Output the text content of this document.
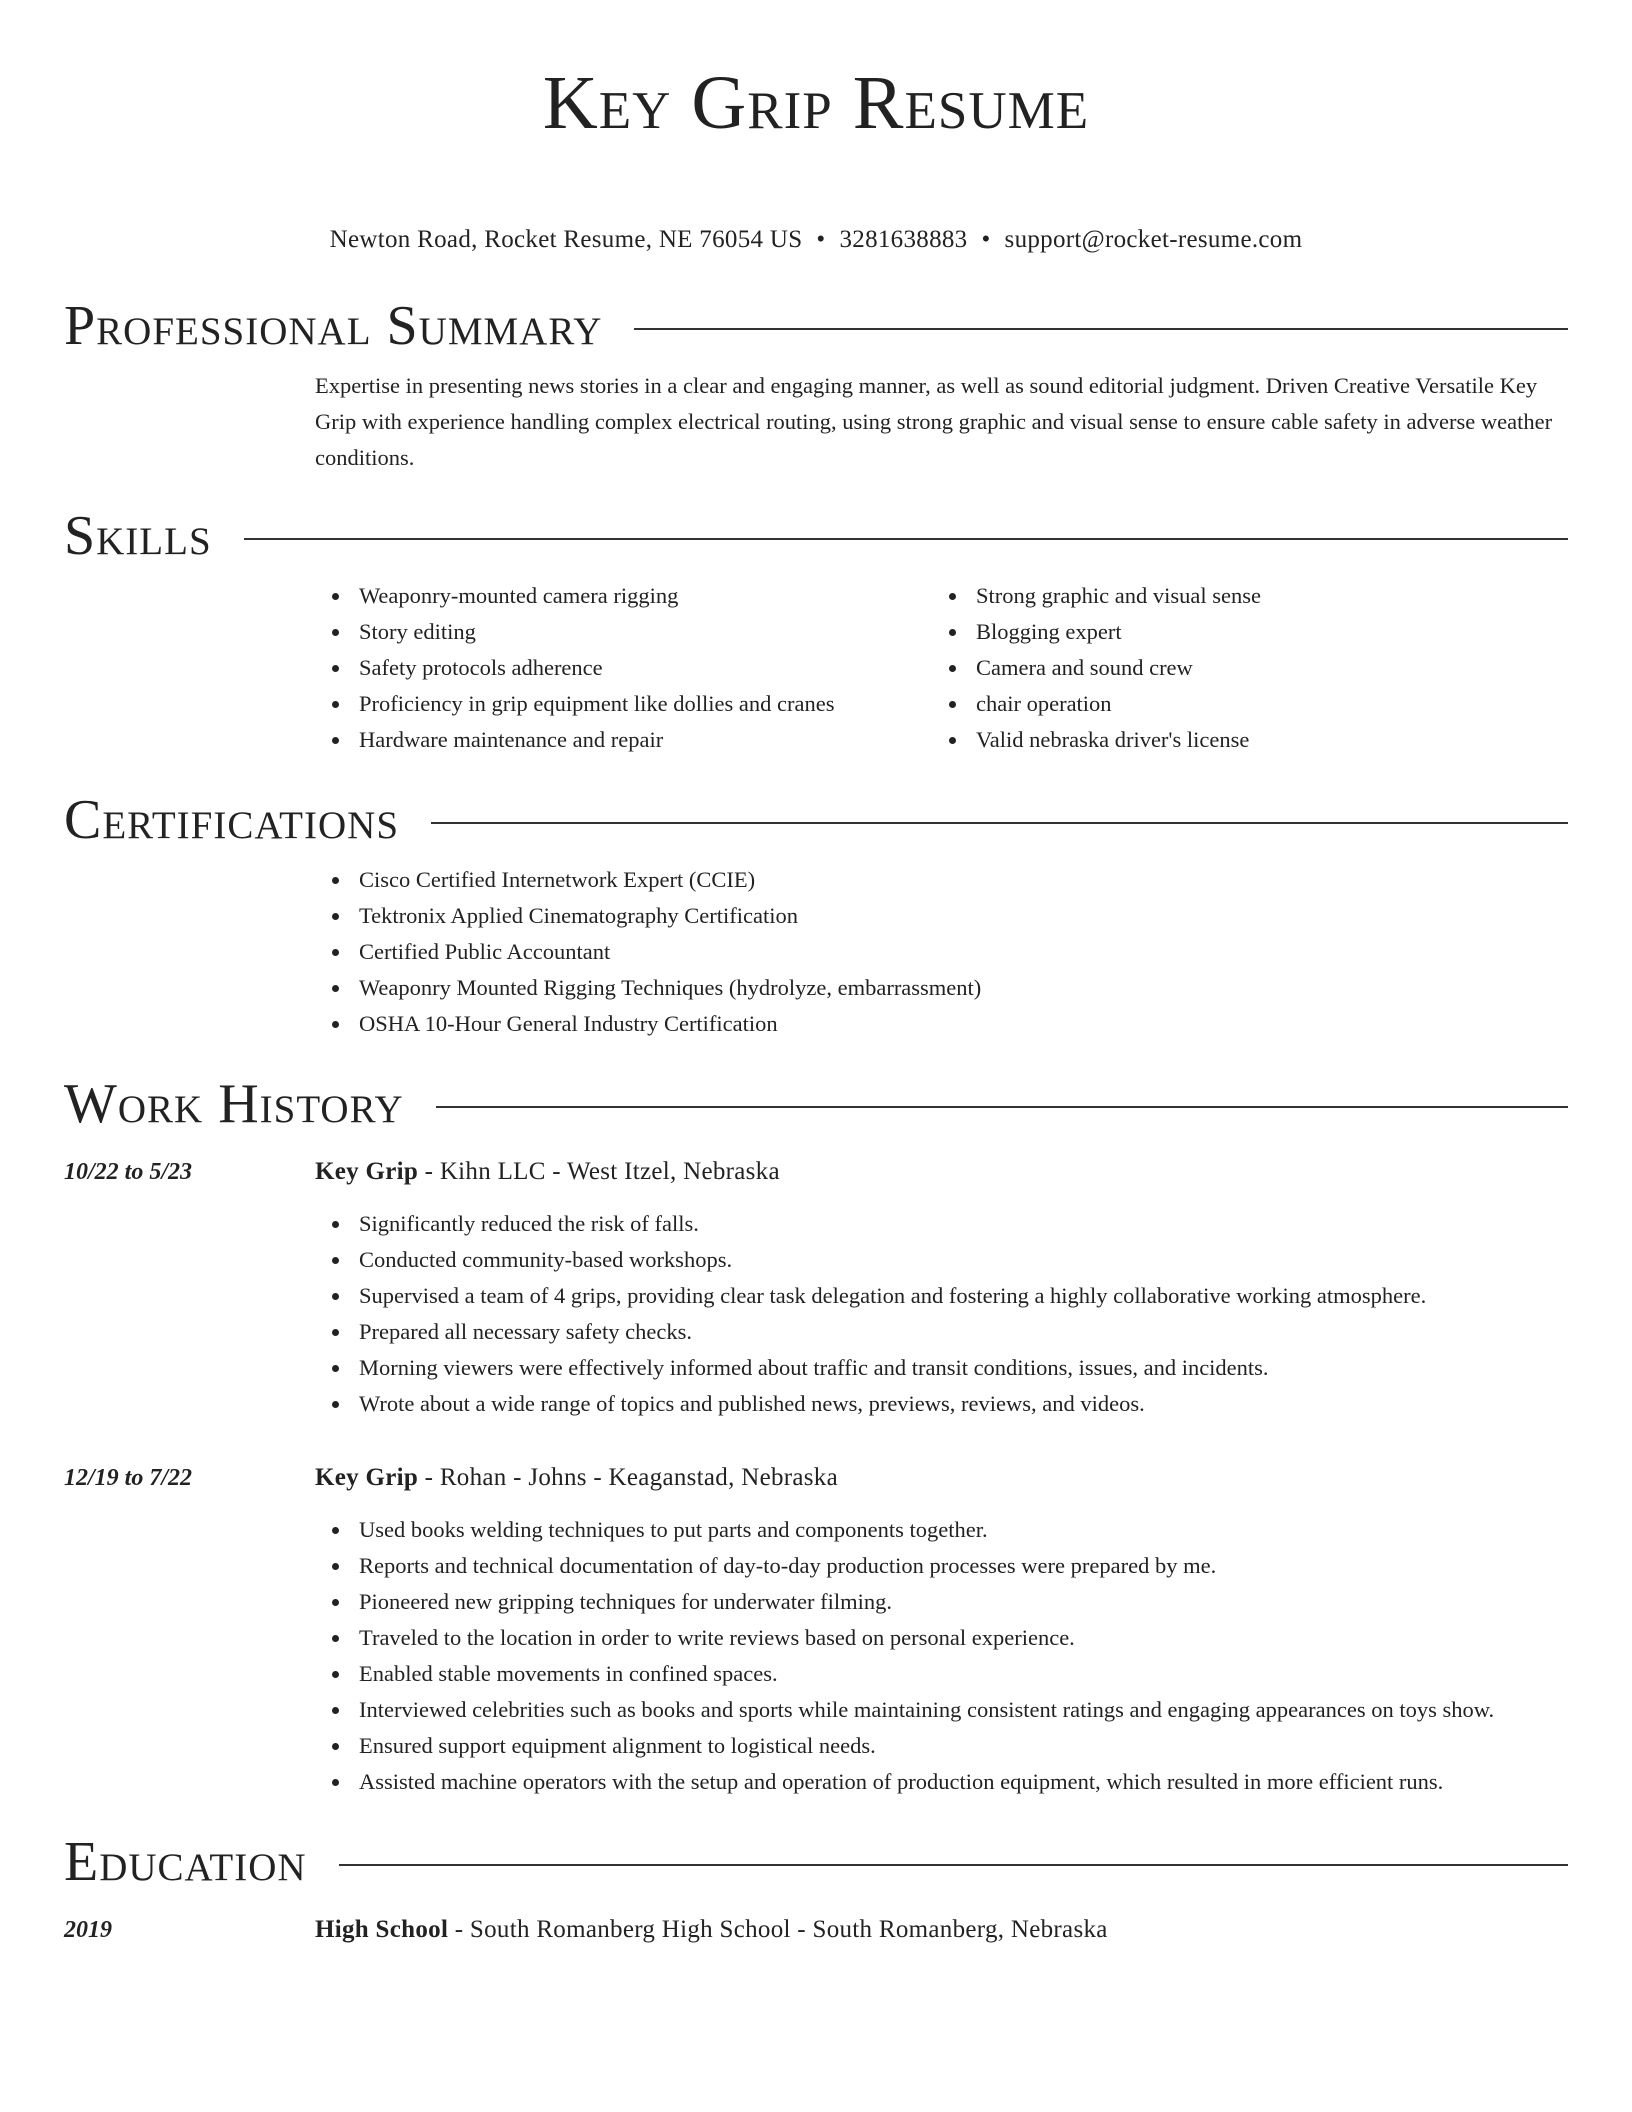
Key Grip Resume
Newton Road, Rocket Resume, NE 76054 US • 3281638883 • support@rocket-resume.com
Professional Summary

Expertise in presenting news stories in a clear and engaging manner, as well as sound editorial judgment. Driven Creative Versatile Key Grip with experience handling complex electrical routing, using strong graphic and visual sense to ensure cable safety in adverse weather conditions.

Skills
Weaponry-mounted camera rigging
Story editing
Safety protocols adherence
Proficiency in grip equipment like dollies and cranes
Hardware maintenance and repair
Strong graphic and visual sense
Blogging expert
Camera and sound crew
chair operation
Valid nebraska driver's license
Certifications
Cisco Certified Internetwork Expert (CCIE)
Tektronix Applied Cinematography Certification
Certified Public Accountant
Weaponry Mounted Rigging Techniques (hydrolyze, embarrassment)
OSHA 10-Hour General Industry Certification
Work History
10/22 to 5/23	Key Grip - Kihn LLC - West Itzel, Nebraska
Significantly reduced the risk of falls.
Conducted community-based workshops.
Supervised a team of 4 grips, providing clear task delegation and fostering a highly collaborative working atmosphere.
Prepared all necessary safety checks.
Morning viewers were effectively informed about traffic and transit conditions, issues, and incidents.
Wrote about a wide range of topics and published news, previews, reviews, and videos.
12/19 to 7/22	Key Grip - Rohan - Johns - Keaganstad, Nebraska
Used books welding techniques to put parts and components together.
Reports and technical documentation of day-to-day production processes were prepared by me.
Pioneered new gripping techniques for underwater filming.
Traveled to the location in order to write reviews based on personal experience.
Enabled stable movements in confined spaces.
Interviewed celebrities such as books and sports while maintaining consistent ratings and engaging appearances on toys show.
Ensured support equipment alignment to logistical needs.
Assisted machine operators with the setup and operation of production equipment, which resulted in more efficient runs.
Education
2019	High School - South Romanberg High School - South Romanberg, Nebraska
